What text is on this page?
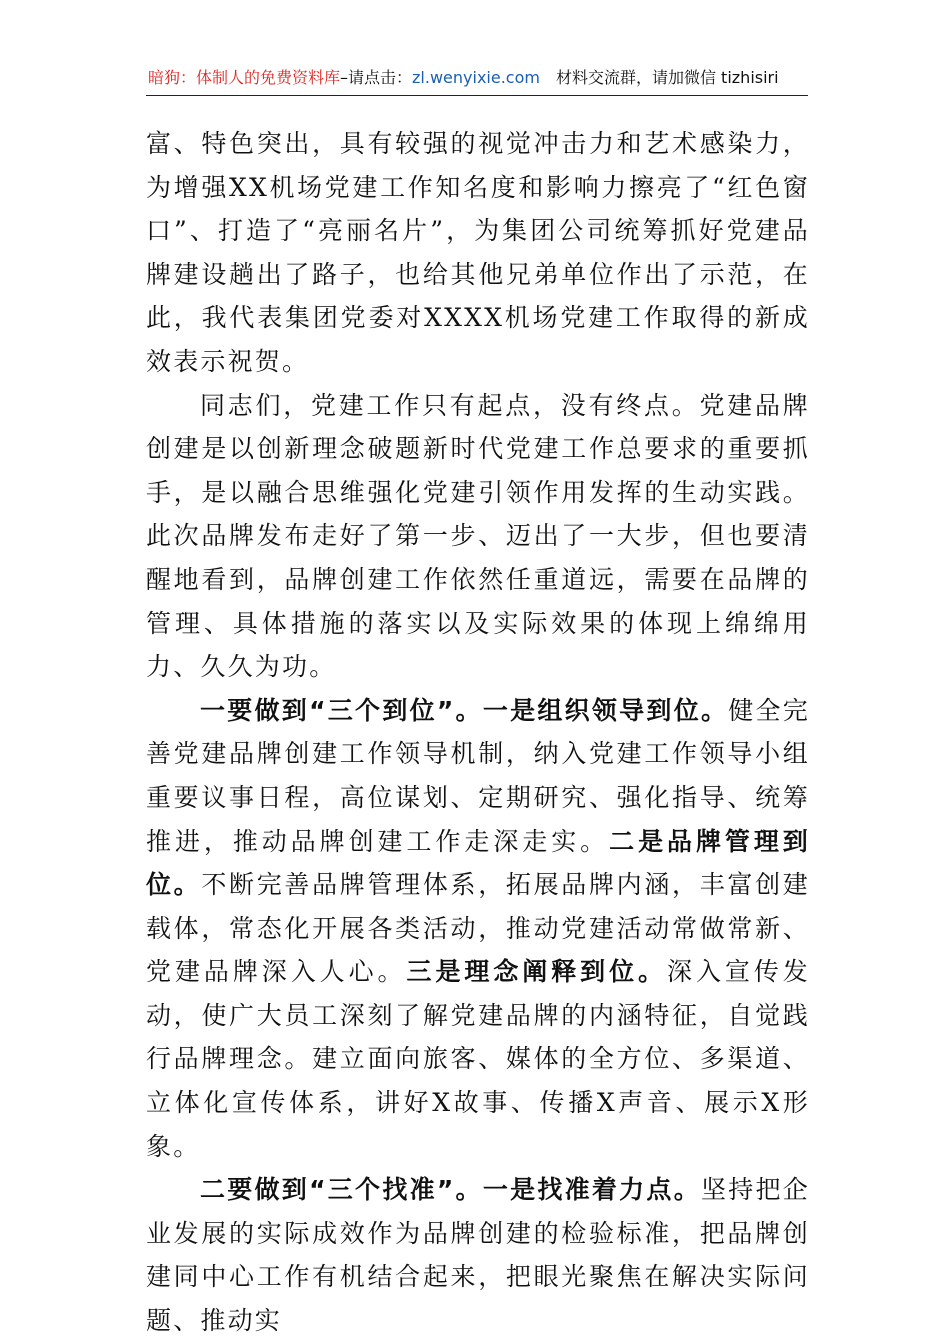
暗狗：体制人的免费资料库–请点击：zl.wenyixie.com 材料交流群，请加微信 tizhisiri

富、特色突出，具有较强的视觉冲击力和艺术感染力，为增强XX机场党建工作知名度和影响力擦亮了“红色窗口”、打造了“亮丽名片”，为集团公司统筹抓好党建品牌建设趟出了路子，也给其他兄弟单位作出了示范，在此，我代表集团党委对XXXX机场党建工作取得的新成效表示祝贺。

同志们，党建工作只有起点，没有终点。党建品牌创建是以创新理念破题新时代党建工作总要求的重要抓手，是以融合思维强化党建引领作用发挥的生动实践。此次品牌发布走好了第一步、迈出了一大步，但也要清醒地看到，品牌创建工作依然任重道远，需要在品牌的管理、具体措施的落实以及实际效果的体现上绵绵用力、久久为功。

一要做到“三个到位”。一是组织领导到位。健全完善党建品牌创建工作领导机制，纳入党建工作领导小组重要议事日程，高位谋划、定期研究、强化指导、统筹推进，推动品牌创建工作走深走实。二是品牌管理到位。不断完善品牌管理体系，拓展品牌内涵，丰富创建载体，常态化开展各类活动，推动党建活动常做常新、党建品牌深入人心。三是理念阐释到位。深入宣传发动，使广大员工深刻了解党建品牌的内涵特征，自觉践行品牌理念。建立面向旅客、媒体的全方位、多渠道、立体化宣传体系，讲好X故事、传播X声音、展示X形象。

二要做到“三个找准”。一是找准着力点。坚持把企业发展的实际成效作为品牌创建的检验标准，把品牌创建同中心工作有机结合起来，把眼光聚焦在解决实际问题、推动实
